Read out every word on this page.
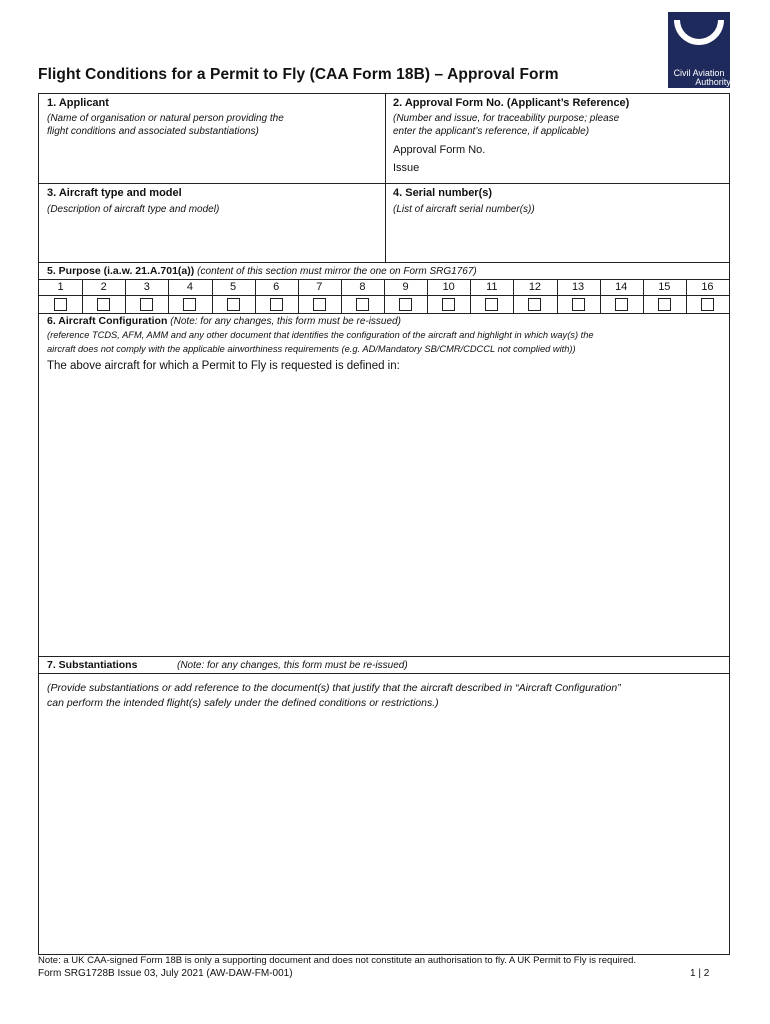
Flight Conditions for a Permit to Fly (CAA Form 18B) – Approval Form	Civil Aviation
Authority
1. Applicant
(Name of organisation or natural person providing the
flight conditions and associated substantiations)
2. Approval Form No. (Applicant’s Reference)
(Number and issue, for traceability purpose; please
enter the applicant’s reference, if applicable)
Approval Form No.
Issue
3. Aircraft type and model
(Description of aircraft type and model)
4. Serial number(s)
(List of aircraft serial number(s))
5. Purpose (i.a.w. 21.A.701(a)) (content of this section must mirror the one on Form SRG1767)
1	2	3	4	5	6	7	8	9	10	11	12	13	14	15	16
6. Aircraft Configuration (Note: for any changes, this form must be re-issued)
(reference TCDS, AFM, AMM and any other document that identifies the configuration of the aircraft and highlight in which way(s) the
aircraft does not comply with the applicable airworthiness requirements (e.g. AD/Mandatory SB/CMR/CDCCL not complied with))
The above aircraft for which a Permit to Fly is requested is defined in:
7. Substantiations	(Note: for any changes, this form must be re-issued)
(Provide substantiations or add reference to the document(s) that justify that the aircraft described in “Aircraft Configuration”
can perform the intended flight(s) safely under the defined conditions or restrictions.)
Note: a UK CAA-signed Form 18B is only a supporting document and does not constitute an authorisation to fly. A UK Permit to Fly is required.
Form SRG1728B Issue 03, July 2021 (AW-DAW-FM-001)	1 | 2
